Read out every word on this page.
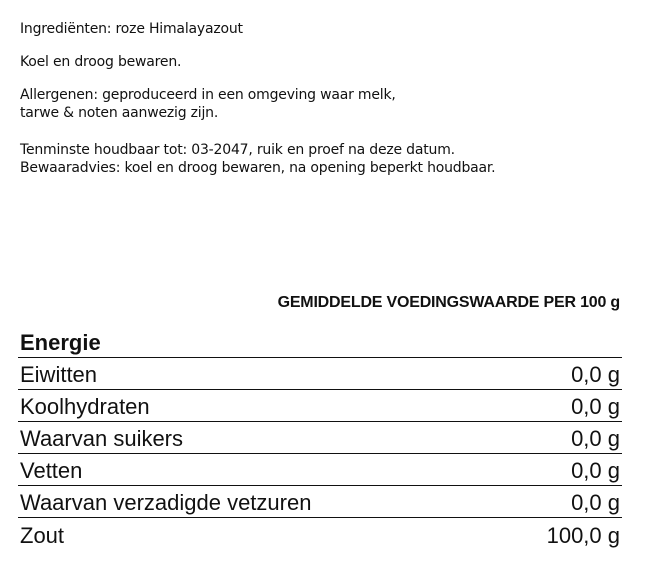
Ingrediënten: roze Himalayazout

Koel en droog bewaren.

Allergenen: geproduceerd in een omgeving waar melk,
tarwe & noten aanwezig zijn.

Tenminste houdbaar tot: 03-2047, ruik en proef na deze datum.
Bewaaradvies: koel en droog bewaren, na opening beperkt houdbaar.

GEMIDDELDE VOEDINGSWAARDE PER 100 g
Energie
Eiwitten	0,0 g
Koolhydraten	0,0 g
Waarvan suikers	0,0 g
Vetten	0,0 g
Waarvan verzadigde vetzuren	0,0 g
Zout	100,0 g
